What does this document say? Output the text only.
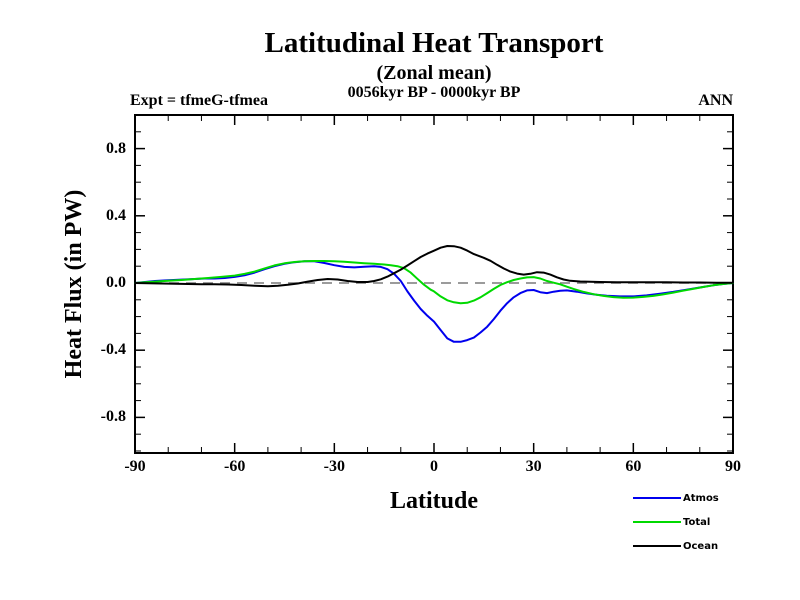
Latitudinal Heat Transport
(Zonal mean)
0056kyr BP - 0000kyr BP
Expt = tfmeG-tfmea	ANN
Heat Flux (in PW)
Latitude
-90	-60	-30	0	30	60	90
0.8
0.4
0.0
-0.4
-0.8
Atmos
Total
Ocean
